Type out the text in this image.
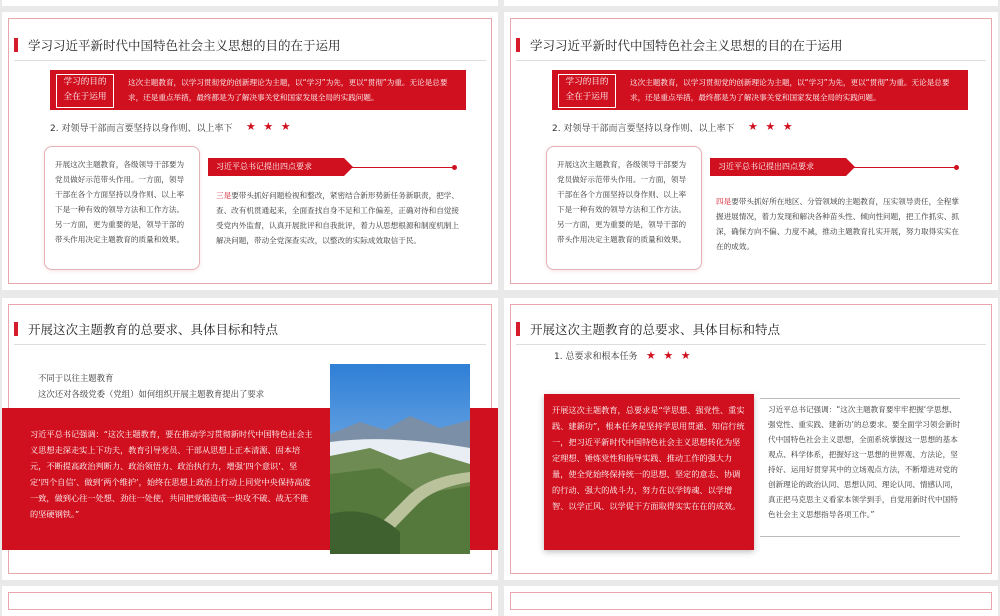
学习习近平新时代中国特色社会主义思想的目的在于运用
学习的目的
全在于运用
这次主题教育，以学习贯彻党的创新理论为主题，以“学习”为先，更以“贯彻”为重。无论是总要求，还是重点举措，最终都是为了解决事关党和国家发展全局的实践问题。
2. 对领导干部而言要坚持以身作则、以上率下	★ ★ ★
开展这次主题教育，各级领导干部要为党员做好示范带头作用。一方面，领导干部在各个方面坚持以身作则、以上率下是一种有效的领导方法和工作方法。另一方面，更为重要的是，领导干部的带头作用决定主题教育的质量和效果。
习近平总书记提出四点要求
三是要带头抓好问题检视和整改，紧密结合新形势新任务新职责，把学、查、改有机贯通起来，全面查找自身不足和工作偏差，正确对待和自觉接受党内外监督，认真开展批评和自我批评，着力从思想根源和制度机制上解决问题，带动全党深查实改，以整改的实际成效取信于民。
学习习近平新时代中国特色社会主义思想的目的在于运用
学习的目的
全在于运用
这次主题教育，以学习贯彻党的创新理论为主题，以“学习”为先，更以“贯彻”为重。无论是总要求，还是重点举措，最终都是为了解决事关党和国家发展全局的实践问题。
2. 对领导干部而言要坚持以身作则、以上率下	★ ★ ★
开展这次主题教育，各级领导干部要为党员做好示范带头作用。一方面，领导干部在各个方面坚持以身作则、以上率下是一种有效的领导方法和工作方法。另一方面，更为重要的是，领导干部的带头作用决定主题教育的质量和效果。
习近平总书记提出四点要求
四是要带头抓好所在地区、分管领域的主题教育，压实领导责任，全程掌握进展情况，着力发现和解决各种苗头性、倾向性问题，把工作抓实、抓深，确保方向不偏、力度不减，推动主题教育扎实开展，努力取得实实在在的成效。
开展这次主题教育的总要求、具体目标和特点
不同于以往主题教育
这次还对各级党委（党组）如何组织开展主题教育提出了要求
习近平总书记强调：“这次主题教育，要在推动学习贯彻新时代中国特色社会主义思想走深走实上下功夫，教育引导党员、干部从思想上正本清源、固本培元，不断提高政治判断力、政治领悟力、政治执行力，增强‘四个意识’、坚定‘四个自信’、做到‘两个维护’，始终在思想上政治上行动上同党中央保持高度一致，做到心往一处想、劲往一处使，共同把党锻造成一块攻不破、战无不胜的坚硬钢铁。”
开展这次主题教育的总要求、具体目标和特点
1. 总要求和根本任务 ★ ★ ★
开展这次主题教育，总要求是“学思想、强党性、重实践、建新功”，根本任务是坚持学思用贯通、知信行统一，把习近平新时代中国特色社会主义思想转化为坚定理想、锤炼党性和指导实践、推动工作的强大力量，使全党始终保持统一的思想、坚定的意志、协调的行动、强大的战斗力，努力在以学铸魂、以学增智、以学正风、以学促干方面取得实实在在的成效。
习近平总书记强调：“这次主题教育要牢牢把握‘学思想、强党性、重实践、建新功’的总要求。要全面学习领会新时代中国特色社会主义思想，全面系统掌握这一思想的基本观点、科学体系，把握好这一思想的世界观、方法论，坚持好、运用好贯穿其中的立场观点方法，不断增进对党的创新理论的政治认同、思想认同、理论认同、情感认同，真正把马克思主义看家本领学到手，自觉用新时代中国特色社会主义思想指导各项工作。”
